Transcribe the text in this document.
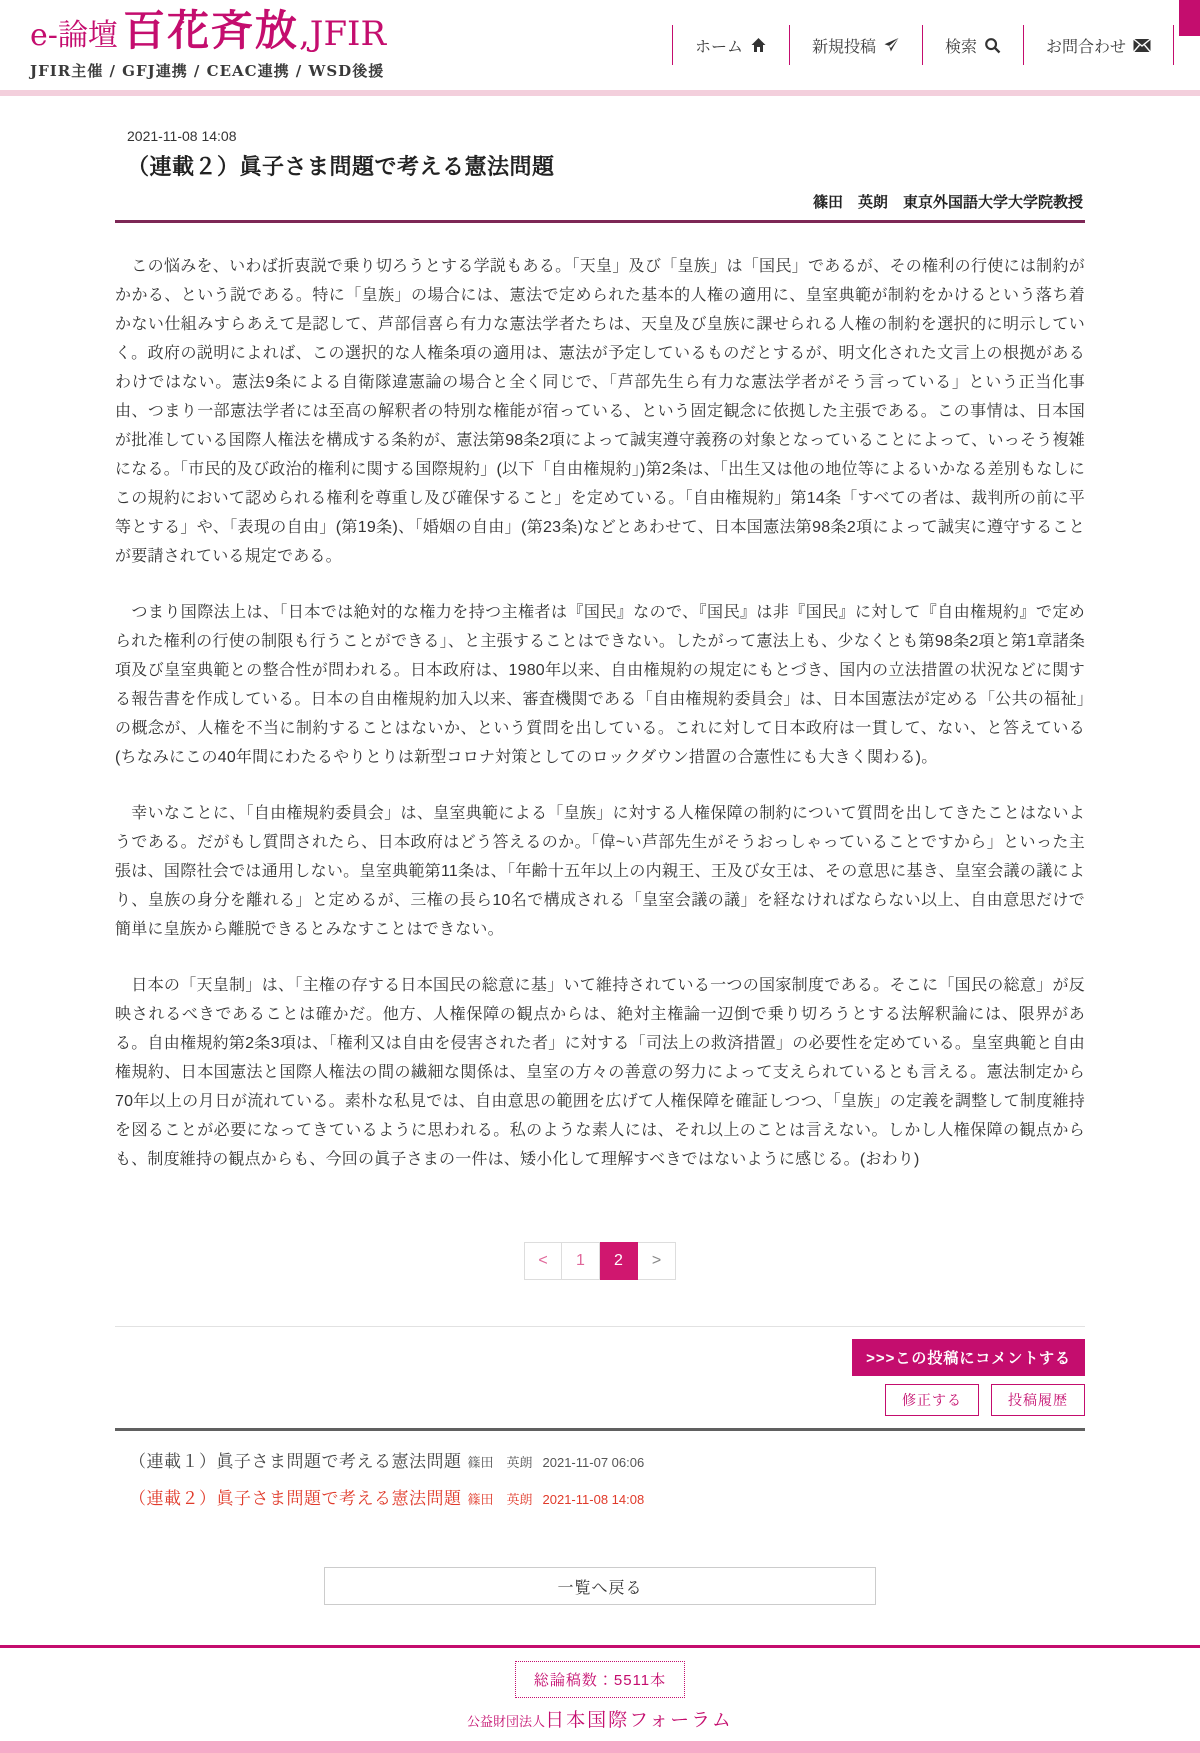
e-論壇 百花斉放,JFIR
JFIR主催 / GFJ連携 / CEAC連携 / WSD後援
ホーム	新規投稿	検索	お問合わせ
2021-11-08 14:08
（連載２）眞子さま問題で考える憲法問題
篠田　英朗　東京外国語大学大学院教授

　この悩みを、いわば折衷説で乗り切ろうとする学説もある。「天皇」及び「皇族」は「国民」であるが、その権利の行使には制約がかかる、という説である。特に「皇族」の場合には、憲法で定められた基本的人権の適用に、皇室典範が制約をかけるという落ち着かない仕組みすらあえて是認して、芦部信喜ら有力な憲法学者たちは、天皇及び皇族に課せられる人権の制約を選択的に明示していく。政府の説明によれば、この選択的な人権条項の適用は、憲法が予定しているものだとするが、明文化された文言上の根拠があるわけではない。憲法9条による自衛隊違憲論の場合と全く同じで、「芦部先生ら有力な憲法学者がそう言っている」という正当化事由、つまり一部憲法学者には至高の解釈者の特別な権能が宿っている、という固定観念に依拠した主張である。この事情は、日本国が批准している国際人権法を構成する条約が、憲法第98条2項によって誠実遵守義務の対象となっていることによって、いっそう複雑になる。「市民的及び政治的権利に関する国際規約」(以下「自由権規約」)第2条は、「出生又は他の地位等によるいかなる差別もなしにこの規約において認められる権利を尊重し及び確保すること」を定めている。「自由権規約」第14条「すべての者は、裁判所の前に平等とする」や、「表現の自由」(第19条)、「婚姻の自由」(第23条)などとあわせて、日本国憲法第98条2項によって誠実に遵守することが要請されている規定である。

　つまり国際法上は、「日本では絶対的な権力を持つ主権者は『国民』なので、『国民』は非『国民』に対して『自由権規約』で定められた権利の行使の制限も行うことができる」、と主張することはできない。したがって憲法上も、少なくとも第98条2項と第1章諸条項及び皇室典範との整合性が問われる。日本政府は、1980年以来、自由権規約の規定にもとづき、国内の立法措置の状況などに関する報告書を作成している。日本の自由権規約加入以来、審査機関である「自由権規約委員会」は、日本国憲法が定める「公共の福祉」の概念が、人権を不当に制約することはないか、という質問を出している。これに対して日本政府は一貫して、ない、と答えている(ちなみにこの40年間にわたるやりとりは新型コロナ対策としてのロックダウン措置の合憲性にも大きく関わる)。

　幸いなことに、「自由権規約委員会」は、皇室典範による「皇族」に対する人権保障の制約について質問を出してきたことはないようである。だがもし質問されたら、日本政府はどう答えるのか。「偉~い芦部先生がそうおっしゃっていることですから」といった主張は、国際社会では通用しない。皇室典範第11条は、「年齢十五年以上の内親王、王及び女王は、その意思に基き、皇室会議の議により、皇族の身分を離れる」と定めるが、三権の長ら10名で構成される「皇室会議の議」を経なければならない以上、自由意思だけで簡単に皇族から離脱できるとみなすことはできない。

　日本の「天皇制」は、「主権の存する日本国民の総意に基」いて維持されている一つの国家制度である。そこに「国民の総意」が反映されるべきであることは確かだ。他方、人権保障の観点からは、絶対主権論一辺倒で乗り切ろうとする法解釈論には、限界がある。自由権規約第2条3項は、「権利又は自由を侵害された者」に対する「司法上の救済措置」の必要性を定めている。皇室典範と自由権規約、日本国憲法と国際人権法の間の繊細な関係は、皇室の方々の善意の努力によって支えられているとも言える。憲法制定から70年以上の月日が流れている。素朴な私見では、自由意思の範囲を広げて人権保障を確証しつつ、「皇族」の定義を調整して制度維持を図ることが必要になってきているように思われる。私のような素人には、それ以上のことは言えない。しかし人権保障の観点からも、制度維持の観点からも、今回の眞子さまの一件は、矮小化して理解すべきではないように感じる。(おわり)

<	1	2	>
>>>この投稿にコメントする
修正する	投稿履歴
（連載１）眞子さま問題で考える憲法問題 篠田　英朗 2021-11-07 06:06
（連載２）眞子さま問題で考える憲法問題 篠田　英朗 2021-11-08 14:08
一覧へ戻る
総論稿数：5511本
公益財団法人日本国際フォーラム
